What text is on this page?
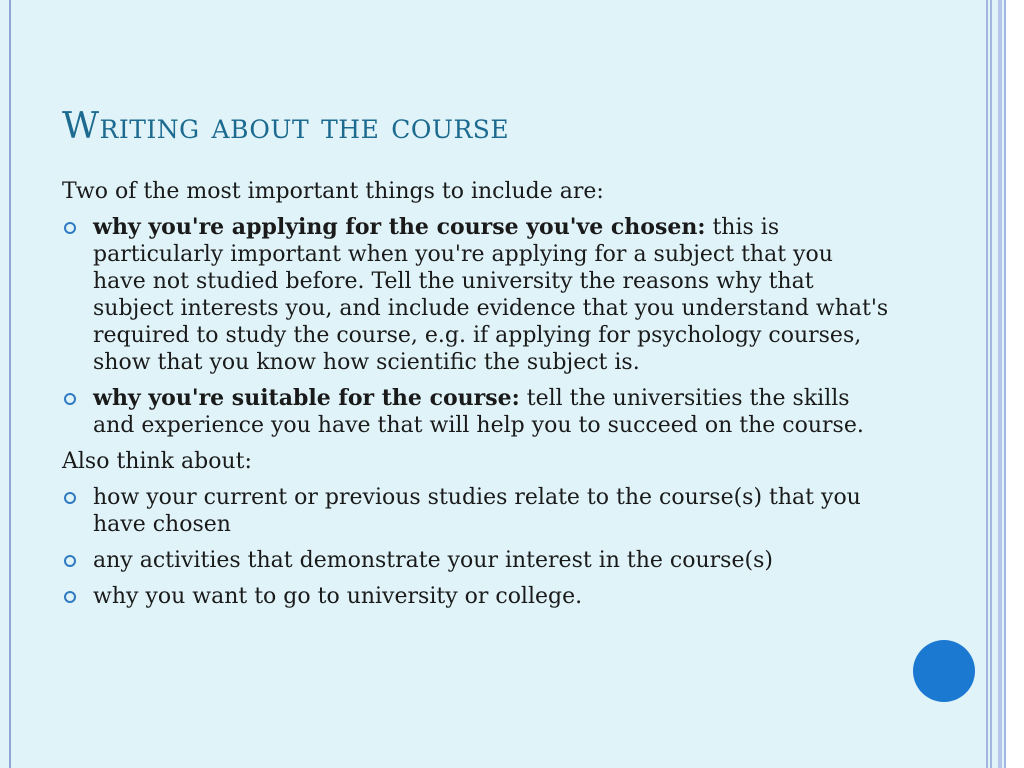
Writing about the course

Two of the most important things to include are:

why you're applying for the course you've chosen: this is particularly important when you're applying for a subject that you have not studied before. Tell the university the reasons why that subject interests you, and include evidence that you understand what's required to study the course, e.g. if applying for psychology courses, show that you know how scientific the subject is.
why you're suitable for the course: tell the universities the skills and experience you have that will help you to succeed on the course.

Also think about:

how your current or previous studies relate to the course(s) that you have chosen
any activities that demonstrate your interest in the course(s)
why you want to go to university or college.
